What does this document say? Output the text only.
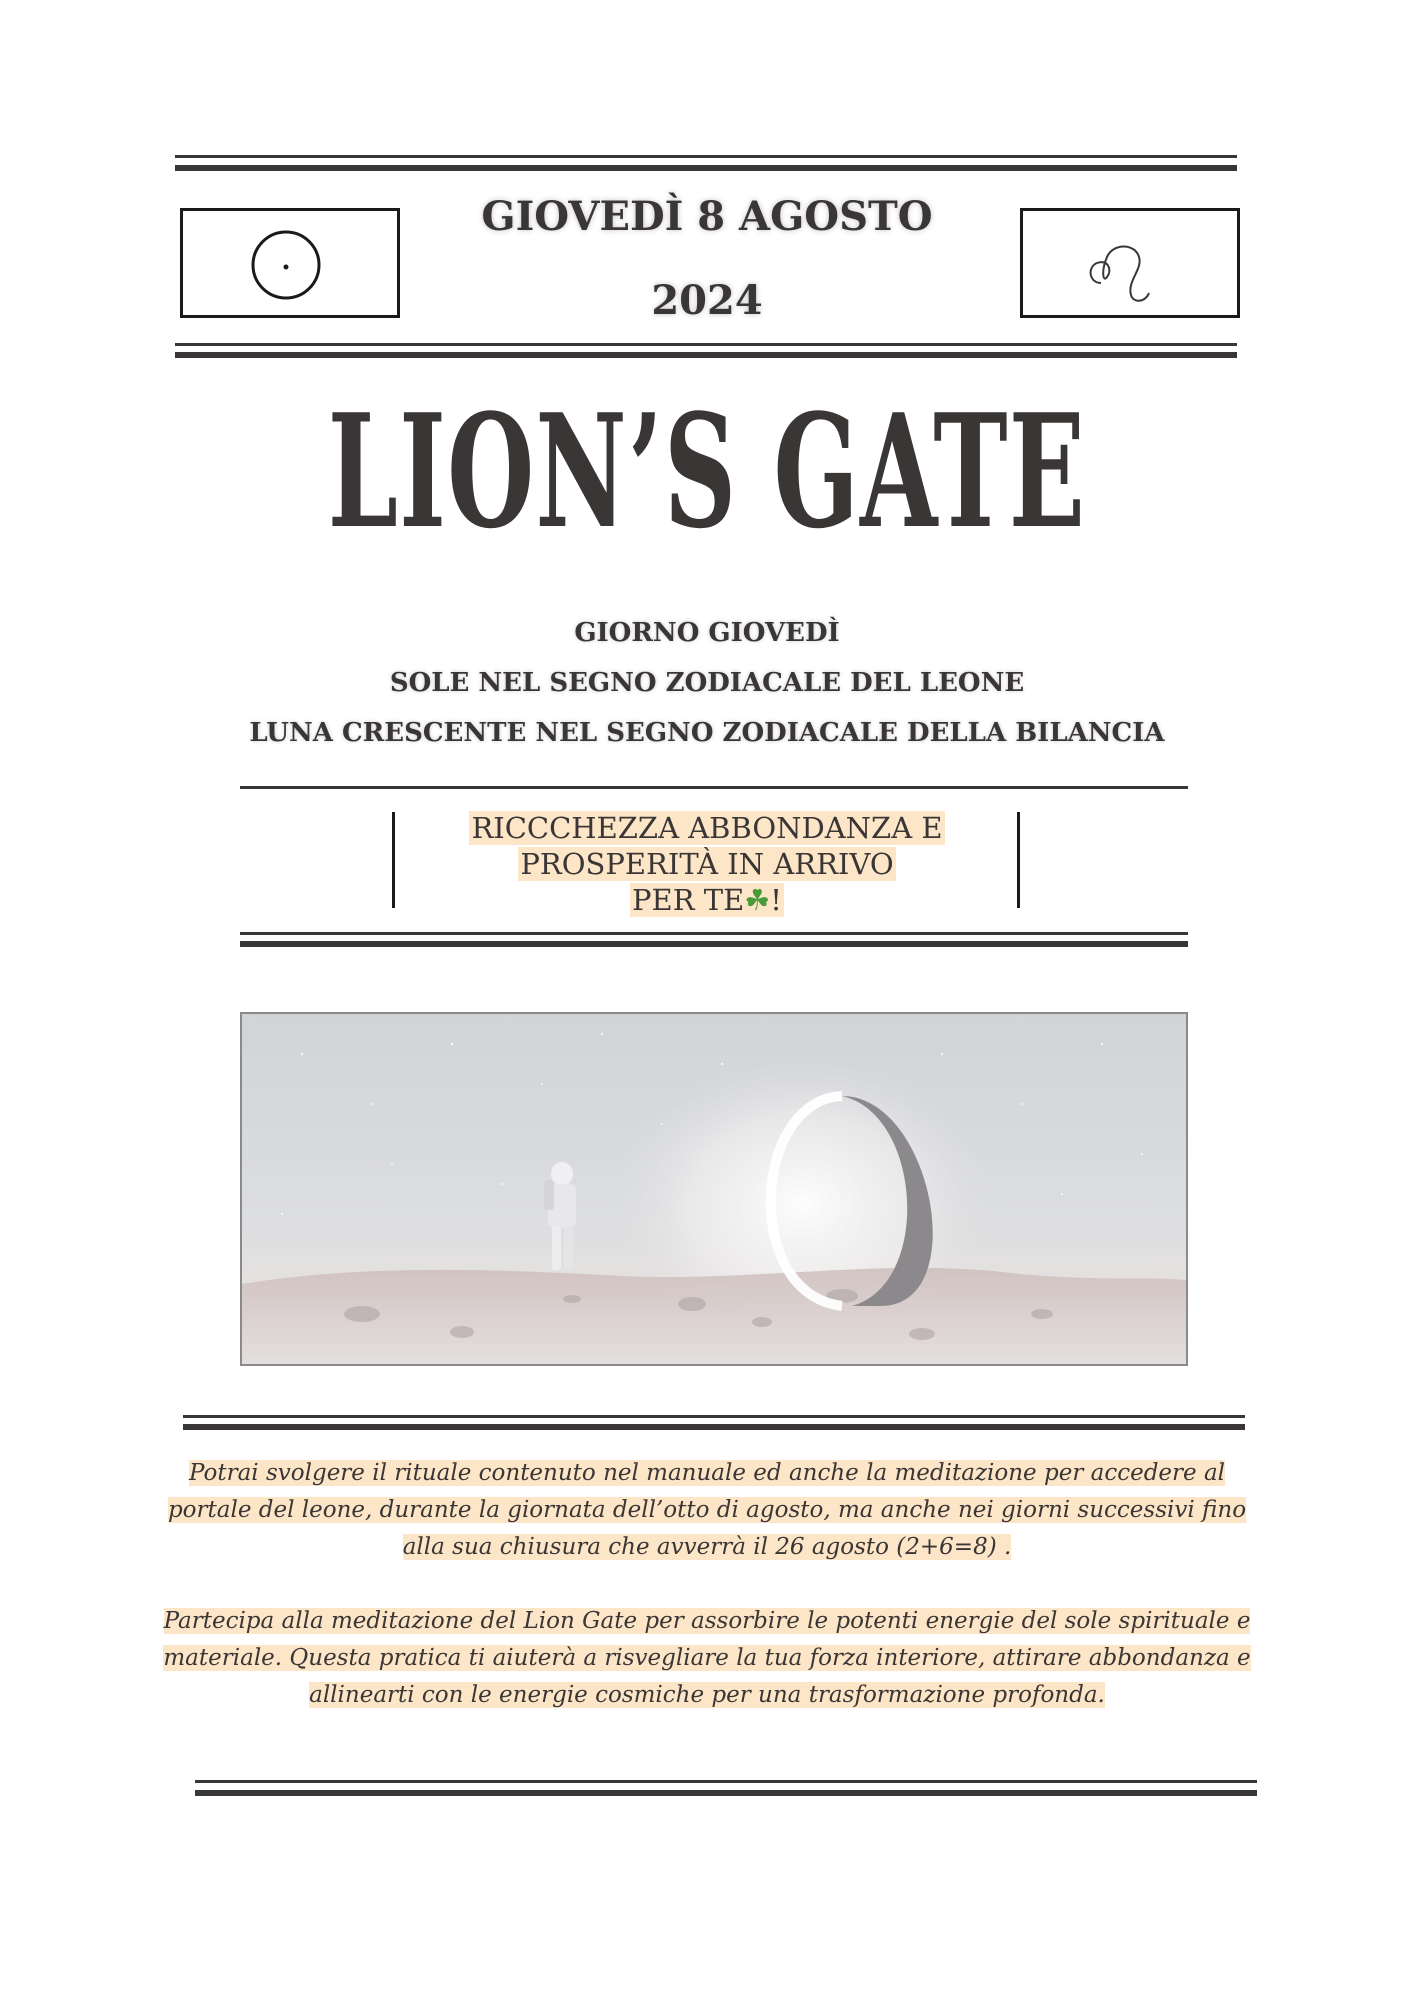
GIOVEDÌ 8 AGOSTO
2024
LION’S GATE
GIORNO GIOVEDÌ
SOLE NEL SEGNO ZODIACALE DEL LEONE
LUNA CRESCENTE NEL SEGNO ZODIACALE DELLA BILANCIA
RICCCHEZZA ABBONDANZA E
PROSPERITÀ IN ARRIVO
PER TE☘!
Potrai svolgere il rituale contenuto nel manuale ed anche la meditazione per accedere al portale del leone, durante la giornata dell’otto di agosto, ma anche nei giorni successivi fino alla sua chiusura che avverrà il 26 agosto (2+6=8) .
Partecipa alla meditazione del Lion Gate per assorbire le potenti energie del sole spirituale e materiale. Questa pratica ti aiuterà a risvegliare la tua forza interiore, attirare abbondanza e allinearti con le energie cosmiche per una trasformazione profonda.
